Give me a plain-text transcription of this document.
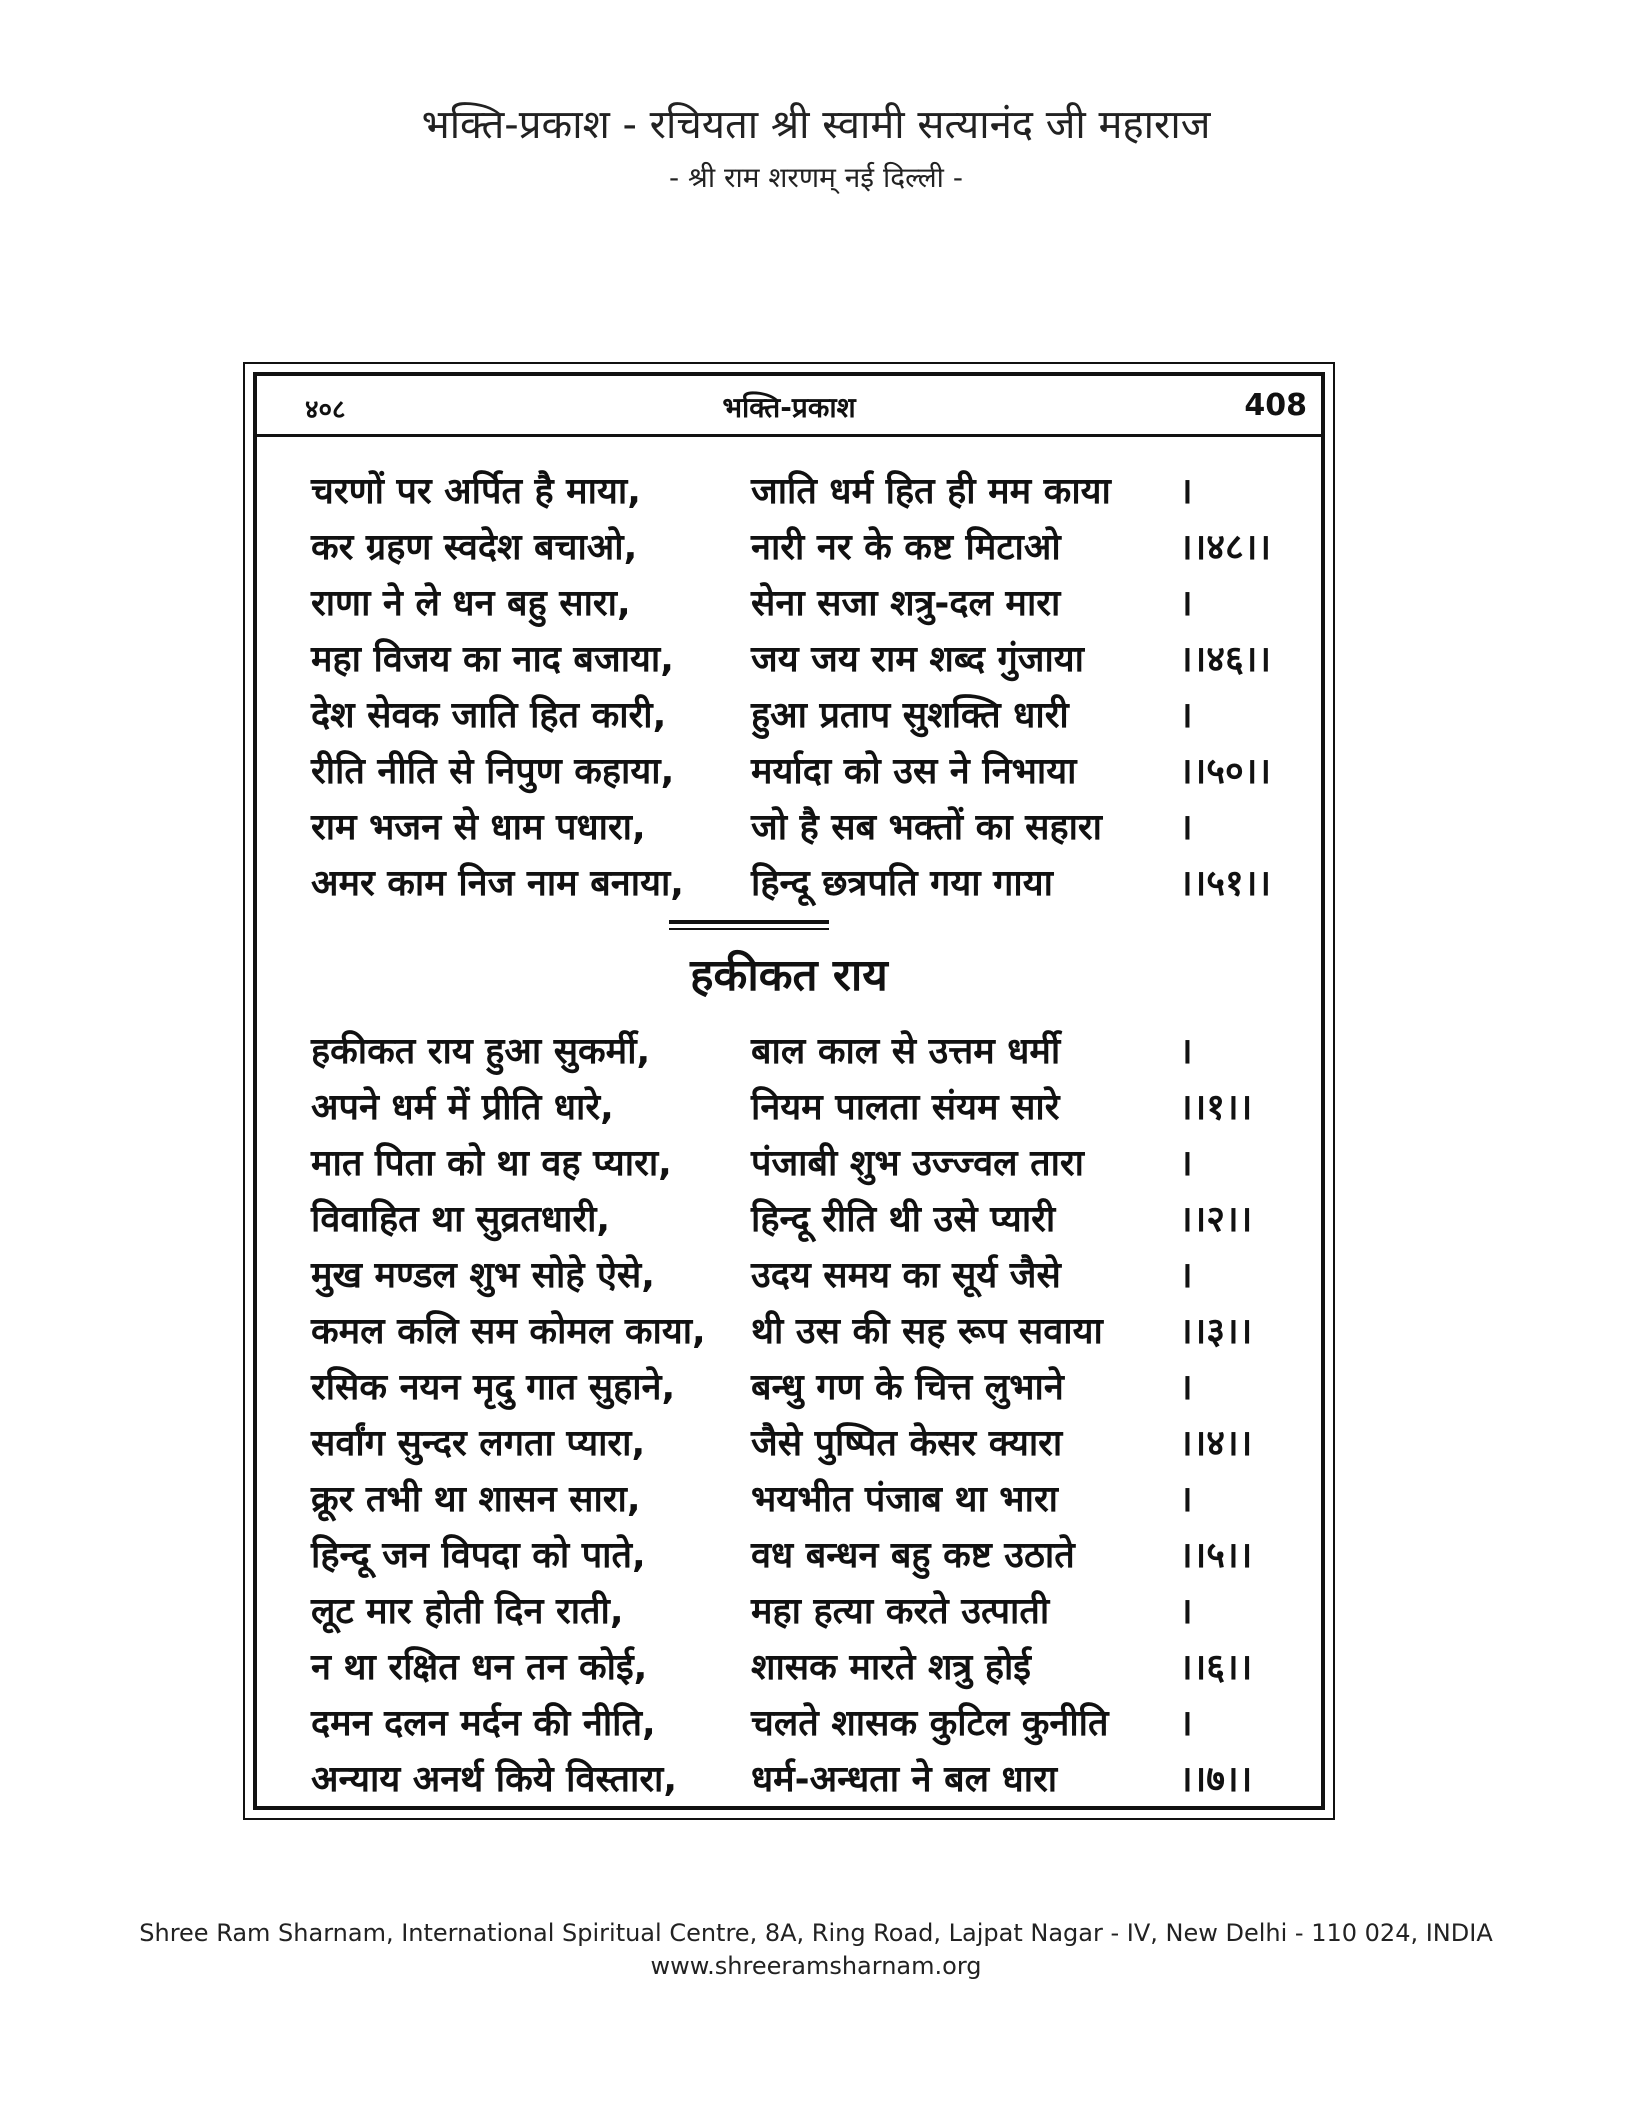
भक्ति-प्रकाश - रचियता श्री स्वामी सत्यानंद जी महाराज
- श्री राम शरणम् नई दिल्ली -
४०८	भक्ति-प्रकाश	408
चरणों पर अर्पित है माया,	जाति धर्म हित ही मम काया	।
कर ग्रहण स्वदेश बचाओ,	नारी नर के कष्ट मिटाओ	।।४८।।
राणा ने ले धन बहु सारा,	सेना सजा शत्रु-दल मारा	।
महा विजय का नाद बजाया,	जय जय राम शब्द गुंजाया	।।४६।।
देश सेवक जाति हित कारी,	हुआ प्रताप सुशक्ति धारी	।
रीति नीति से निपुण कहाया,	मर्यादा को उस ने निभाया	।।५०।।
राम भजन से धाम पधारा,	जो है सब भक्तों का सहारा	।
अमर काम निज नाम बनाया,	हिन्दू छत्रपति गया गाया	।।५१।।
हकीकत राय
हकीकत राय हुआ सुकर्मी,	बाल काल से उत्तम धर्मी	।
अपने धर्म में प्रीति धारे,	नियम पालता संयम सारे	।।१।।
मात पिता को था वह प्यारा,	पंजाबी शुभ उज्ज्वल तारा	।
विवाहित था सुव्रतधारी,	हिन्दू रीति थी उसे प्यारी	।।२।।
मुख मण्डल शुभ सोहे ऐसे,	उदय समय का सूर्य जैसे	।
कमल कलि सम कोमल काया,	थी उस की सह रूप सवाया	।।३।।
रसिक नयन मृदु गात सुहाने,	बन्धु गण के चित्त लुभाने	।
सर्वांग सुन्दर लगता प्यारा,	जैसे पुष्पित केसर क्यारा	।।४।।
क्रूर तभी था शासन सारा,	भयभीत पंजाब था भारा	।
हिन्दू जन विपदा को पाते,	वध बन्धन बहु कष्ट उठाते	।।५।।
लूट मार होती दिन राती,	महा हत्या करते उत्पाती	।
न था रक्षित धन तन कोई,	शासक मारते शत्रु होई	।।६।।
दमन दलन मर्दन की नीति,	चलते शासक कुटिल कुनीति	।
अन्याय अनर्थ किये विस्तारा,	धर्म-अन्धता ने बल धारा	।।७।।
Shree Ram Sharnam, International Spiritual Centre, 8A, Ring Road, Lajpat Nagar - IV, New Delhi - 110 024, INDIA
www.shreeramsharnam.org
